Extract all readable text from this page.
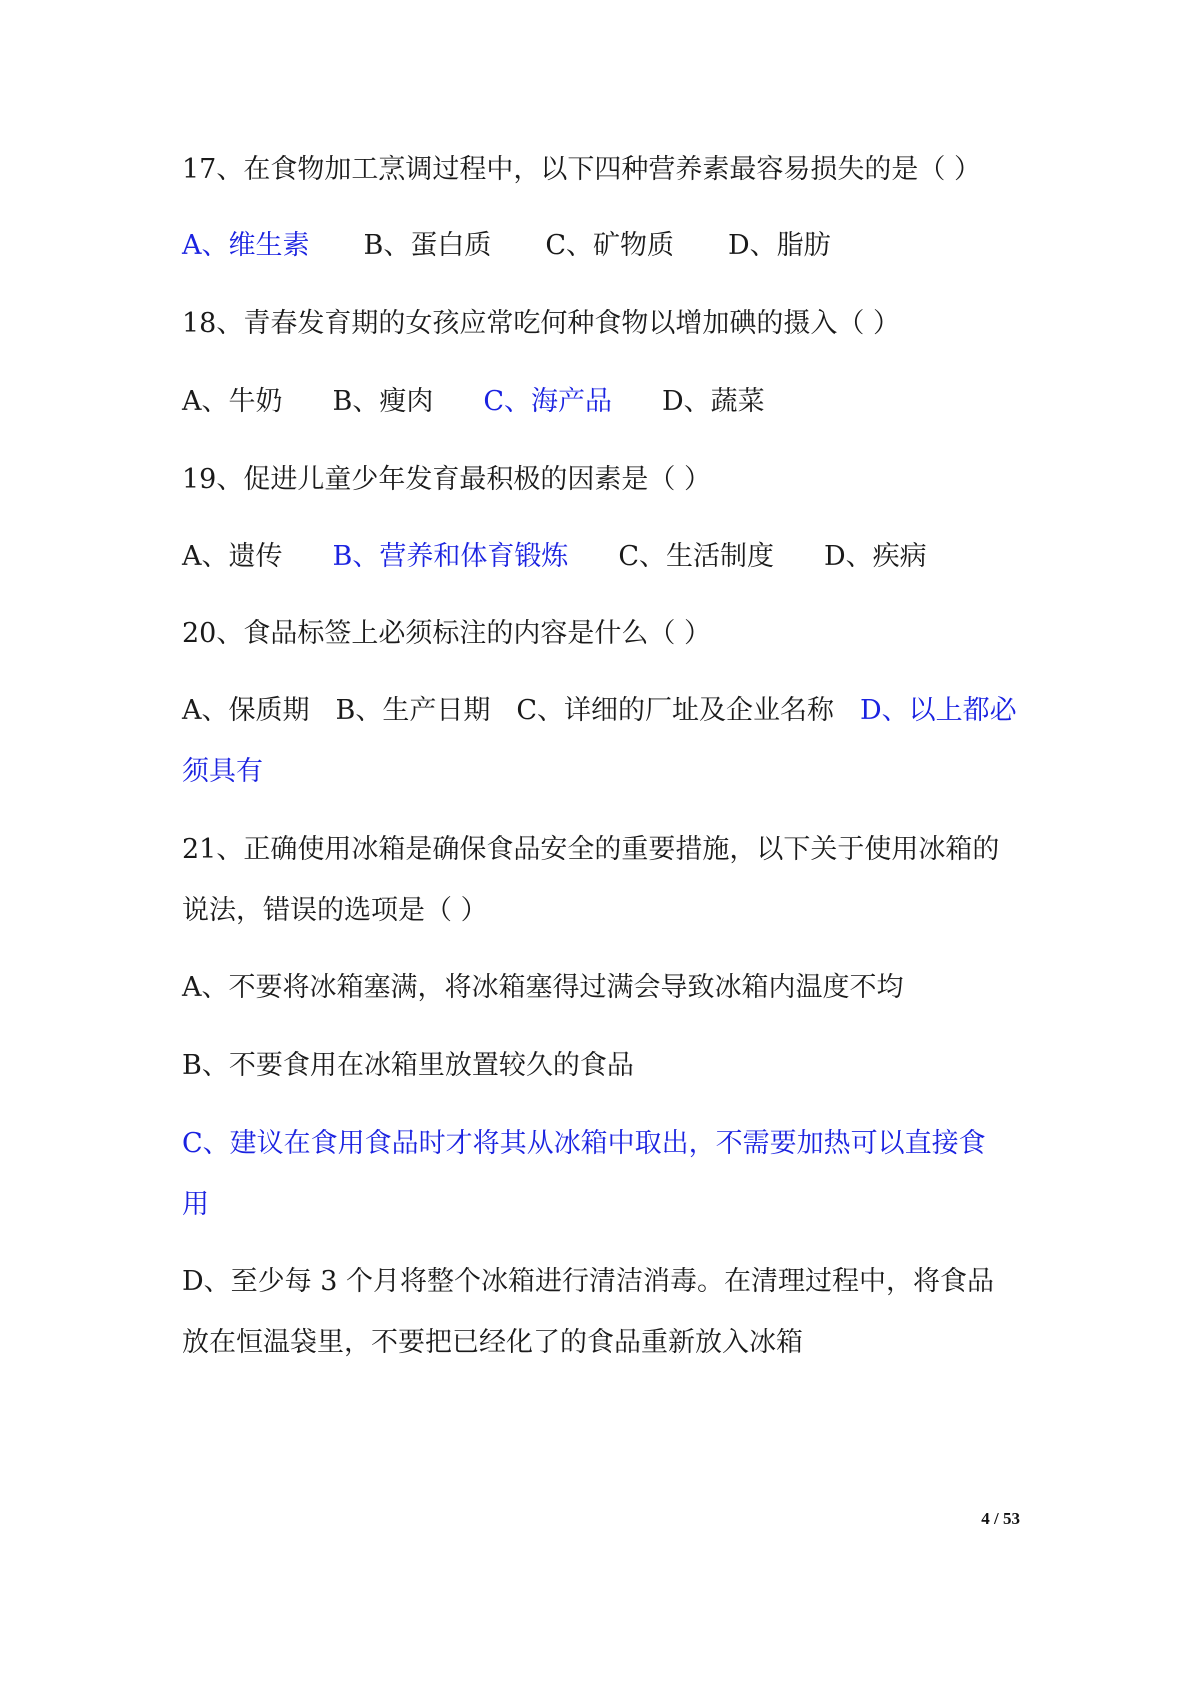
17、在食物加工烹调过程中，以下四种营养素最容易损失的是（ ）
A、维生素 B、蛋白质 C、矿物质 D、脂肪
18、青春发育期的女孩应常吃何种食物以增加碘的摄入（ ）
A、牛奶 B、瘦肉 C、海产品 D、蔬菜
19、促进儿童少年发育最积极的因素是（ ）
A、遗传 B、营养和体育锻炼 C、生活制度 D、疾病
20、食品标签上必须标注的内容是什么（ ）
A、保质期 B、生产日期 C、详细的厂址及企业名称 D、以上都必
须具有
21、正确使用冰箱是确保食品安全的重要措施，以下关于使用冰箱的
说法，错误的选项是（ ）
A、不要将冰箱塞满，将冰箱塞得过满会导致冰箱内温度不均
B、不要食用在冰箱里放置较久的食品
C、建议在食用食品时才将其从冰箱中取出，不需要加热可以直接食
用
D、至少每 3 个月将整个冰箱进行清洁消毒。在清理过程中，将食品
放在恒温袋里，不要把已经化了的食品重新放入冰箱
4 / 53
